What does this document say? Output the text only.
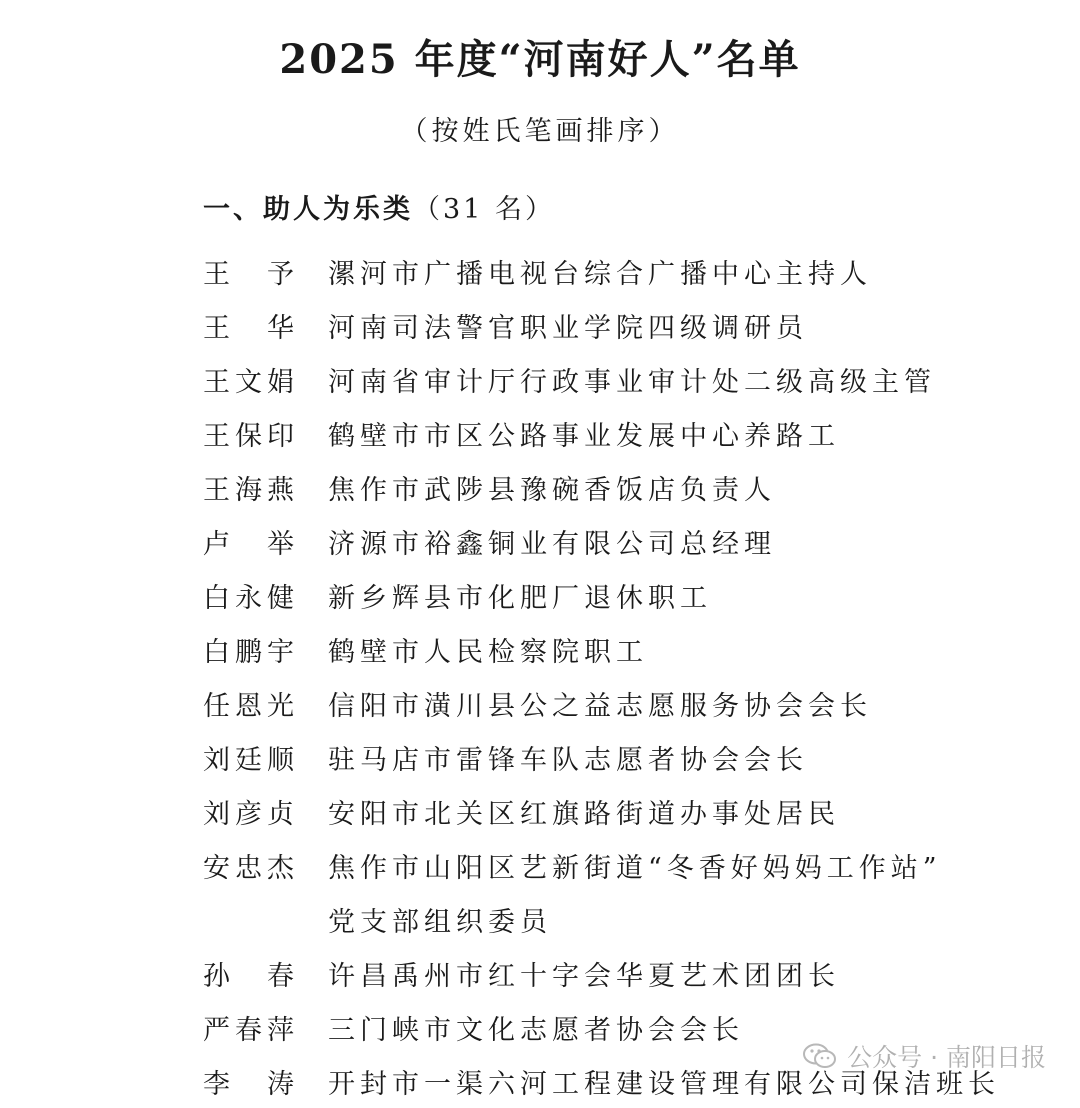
2025 年度“河南好人”名单
（按姓氏笔画排序）
一、助人为乐类（31 名）
王　予	漯河市广播电视台综合广播中心主持人
王　华	河南司法警官职业学院四级调研员
王文娟	河南省审计厅行政事业审计处二级高级主管
王保印	鹤壁市市区公路事业发展中心养路工
王海燕	焦作市武陟县豫碗香饭店负责人
卢　举	济源市裕鑫铜业有限公司总经理
白永健	新乡辉县市化肥厂退休职工
白鹏宇	鹤壁市人民检察院职工
任恩光	信阳市潢川县公之益志愿服务协会会长
刘廷顺	驻马店市雷锋车队志愿者协会会长
刘彦贞	安阳市北关区红旗路街道办事处居民
安忠杰	焦作市山阳区艺新街道“冬香好妈妈工作站”
党支部组织委员
孙　春	许昌禹州市红十字会华夏艺术团团长
严春萍	三门峡市文化志愿者协会会长
李　涛	开封市一渠六河工程建设管理有限公司保洁班长
公众号 · 南阳日报
